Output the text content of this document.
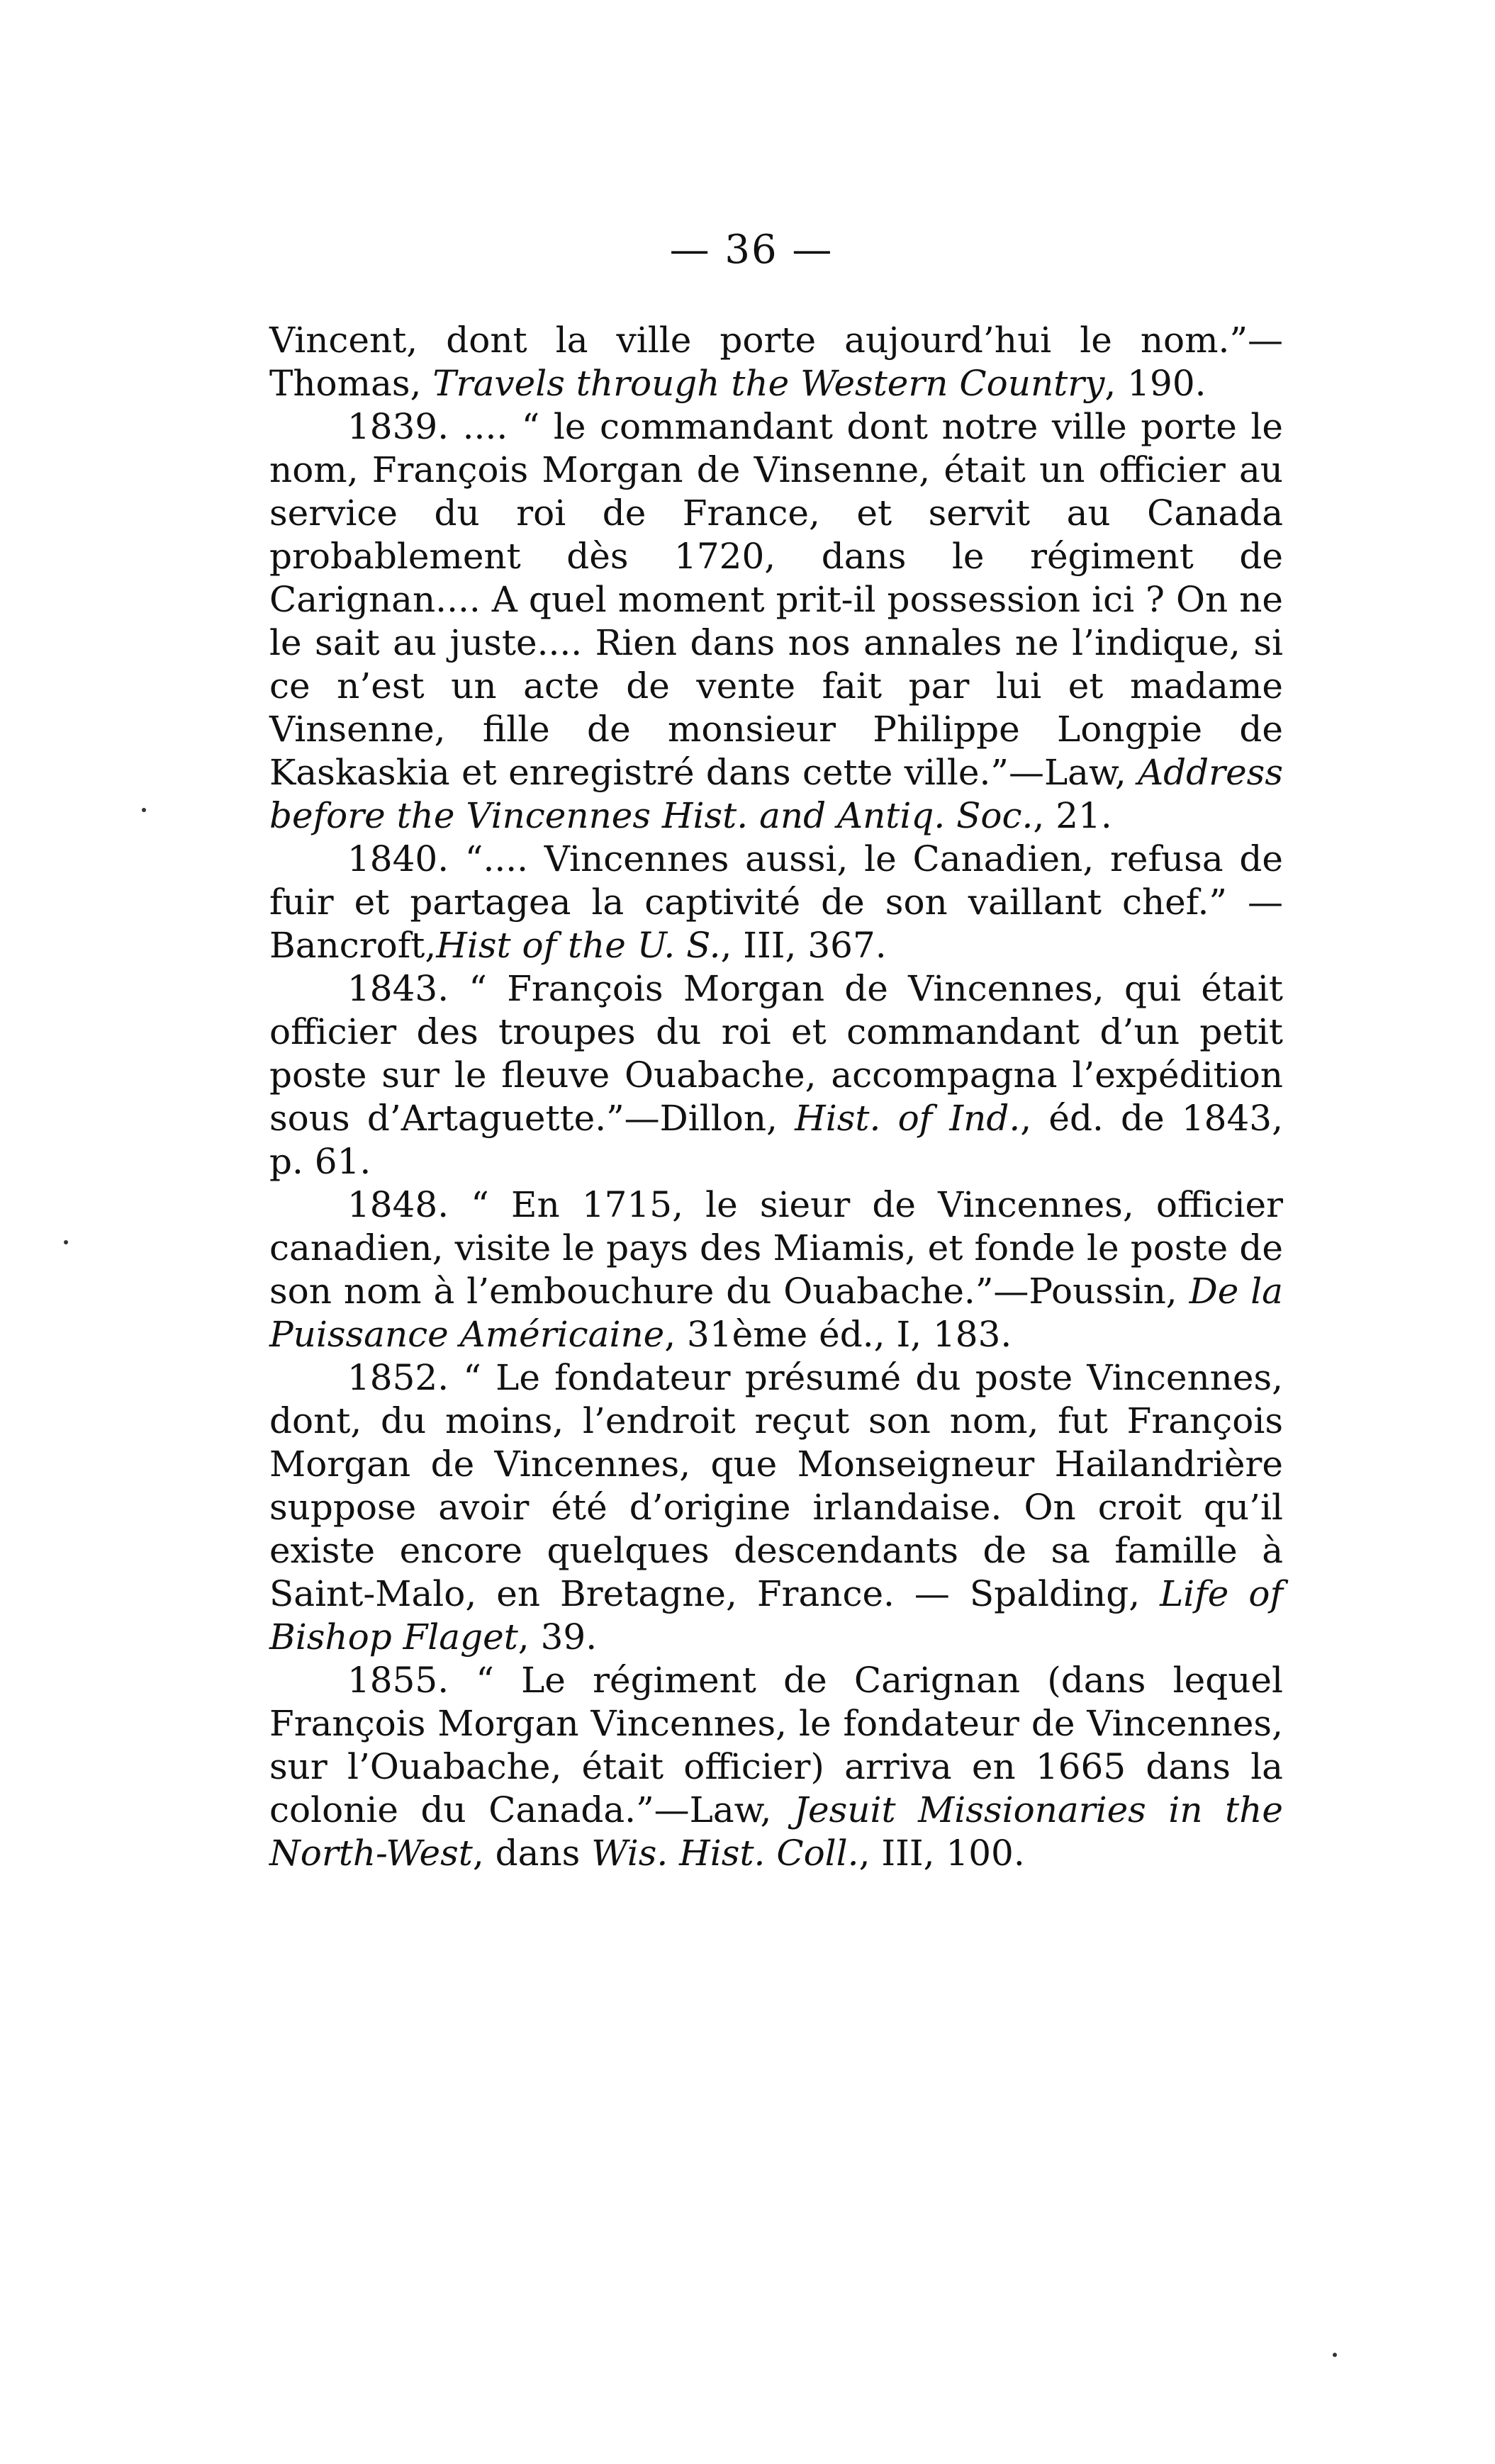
— 36 —

Vincent, dont la ville porte aujourd’hui le nom.”—Thomas, Travels through the Western Country, 190.

1839. .... “ le commandant dont notre ville porte le nom, François Morgan de Vinsenne, était un officier au service du roi de France, et servit au Canada probablement dès 1720, dans le régiment de Carignan.... A quel moment prit-il possession ici ? On ne le sait au juste.... Rien dans nos annales ne l’indique, si ce n’est un acte de vente fait par lui et madame Vinsenne, fille de monsieur Philippe Longpie de Kaskaskia et enregistré dans cette ville.”—Law, Address before the Vincennes Hist. and Antiq. Soc., 21.

1840. “.... Vincennes aussi, le Canadien, refusa de fuir et partagea la captivité de son vaillant chef.” —Bancroft,Hist of the U. S., III, 367.

1843. “ François Morgan de Vincennes, qui était officier des troupes du roi et commandant d’un petit poste sur le fleuve Ouabache, accompagna l’expédition sous d’Artaguette.”—Dillon, Hist. of Ind., éd. de 1843, p. 61.

1848. “ En 1715, le sieur de Vincennes, officier canadien, visite le pays des Miamis, et fonde le poste de son nom à l’embouchure du Ouabache.”—Poussin, De la Puissance Américaine, 31ème éd., I, 183.

1852. “ Le fondateur présumé du poste Vincennes, dont, du moins, l’endroit reçut son nom, fut François Morgan de Vincennes, que Monseigneur Hailandrière suppose avoir été d’origine irlandaise. On croit qu’il existe encore quelques descendants de sa famille à Saint-Malo, en Bretagne, France. — Spalding, Life of Bishop Flaget, 39.

1855. “ Le régiment de Carignan (dans lequel François Morgan Vincennes, le fondateur de Vincennes, sur l’Ouabache, était officier) arriva en 1665 dans la colonie du Canada.”—Law, Jesuit Missionaries in the North-West, dans Wis. Hist. Coll., III, 100.
